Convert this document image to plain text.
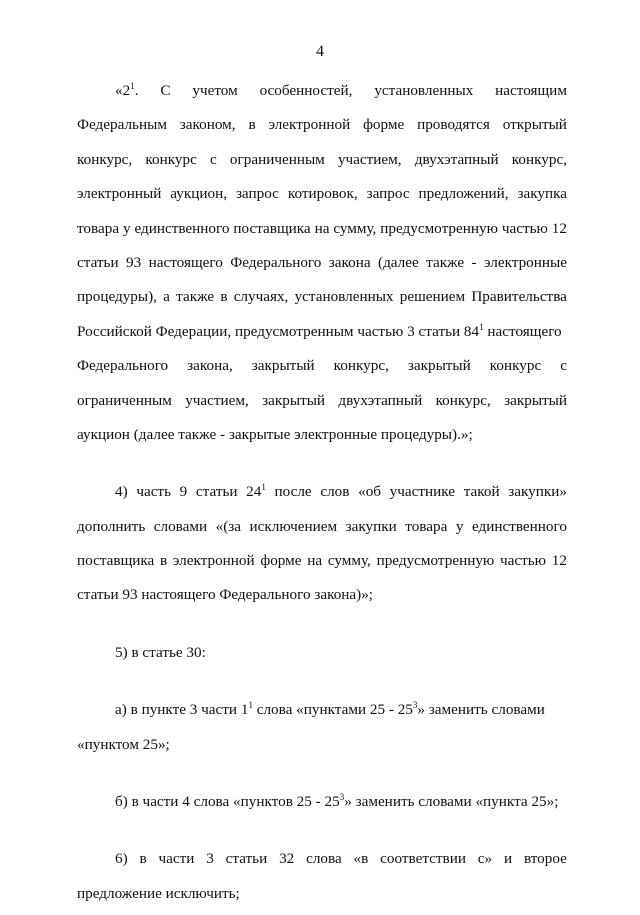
4
«$2^1$. С учетом особенностей, установленных настоящим
Федеральным законом, в электронной форме проводятся открытый
конкурс, конкурс с ограниченным участием, двухэтапный конкурс,
электронный аукцион, запрос котировок, запрос предложений, закупка
товара у единственного поставщика на сумму, предусмотренную частью 12
статьи 93 настоящего Федерального закона (далее также - электронные
процедуры), а также в случаях, установленных решением Правительства
Российской Федерации, предусмотренным частью 3 статьи $84^1$ настоящего
Федерального закона, закрытый конкурс, закрытый конкурс с
ограниченным участием, закрытый двухэтапный конкурс, закрытый
аукцион (далее также - закрытые электронные процедуры).»;
4) часть 9 статьи $24^1$ после слов «об участнике такой закупки»
дополнить словами «(за исключением закупки товара у единственного
поставщика в электронной форме на сумму, предусмотренную частью 12
статьи 93 настоящего Федерального закона)»;
5) в статье 30:
а) в пункте 3 части $1^1$ слова «пунктами $25 - 25^3$» заменить словами
«пунктом 25»;
б) в части 4 слова «пунктов $25 - 25^3$» заменить словами «пункта 25»;
6) в части 3 статьи 32 слова «в соответствии с» и второе
предложение исключить;
